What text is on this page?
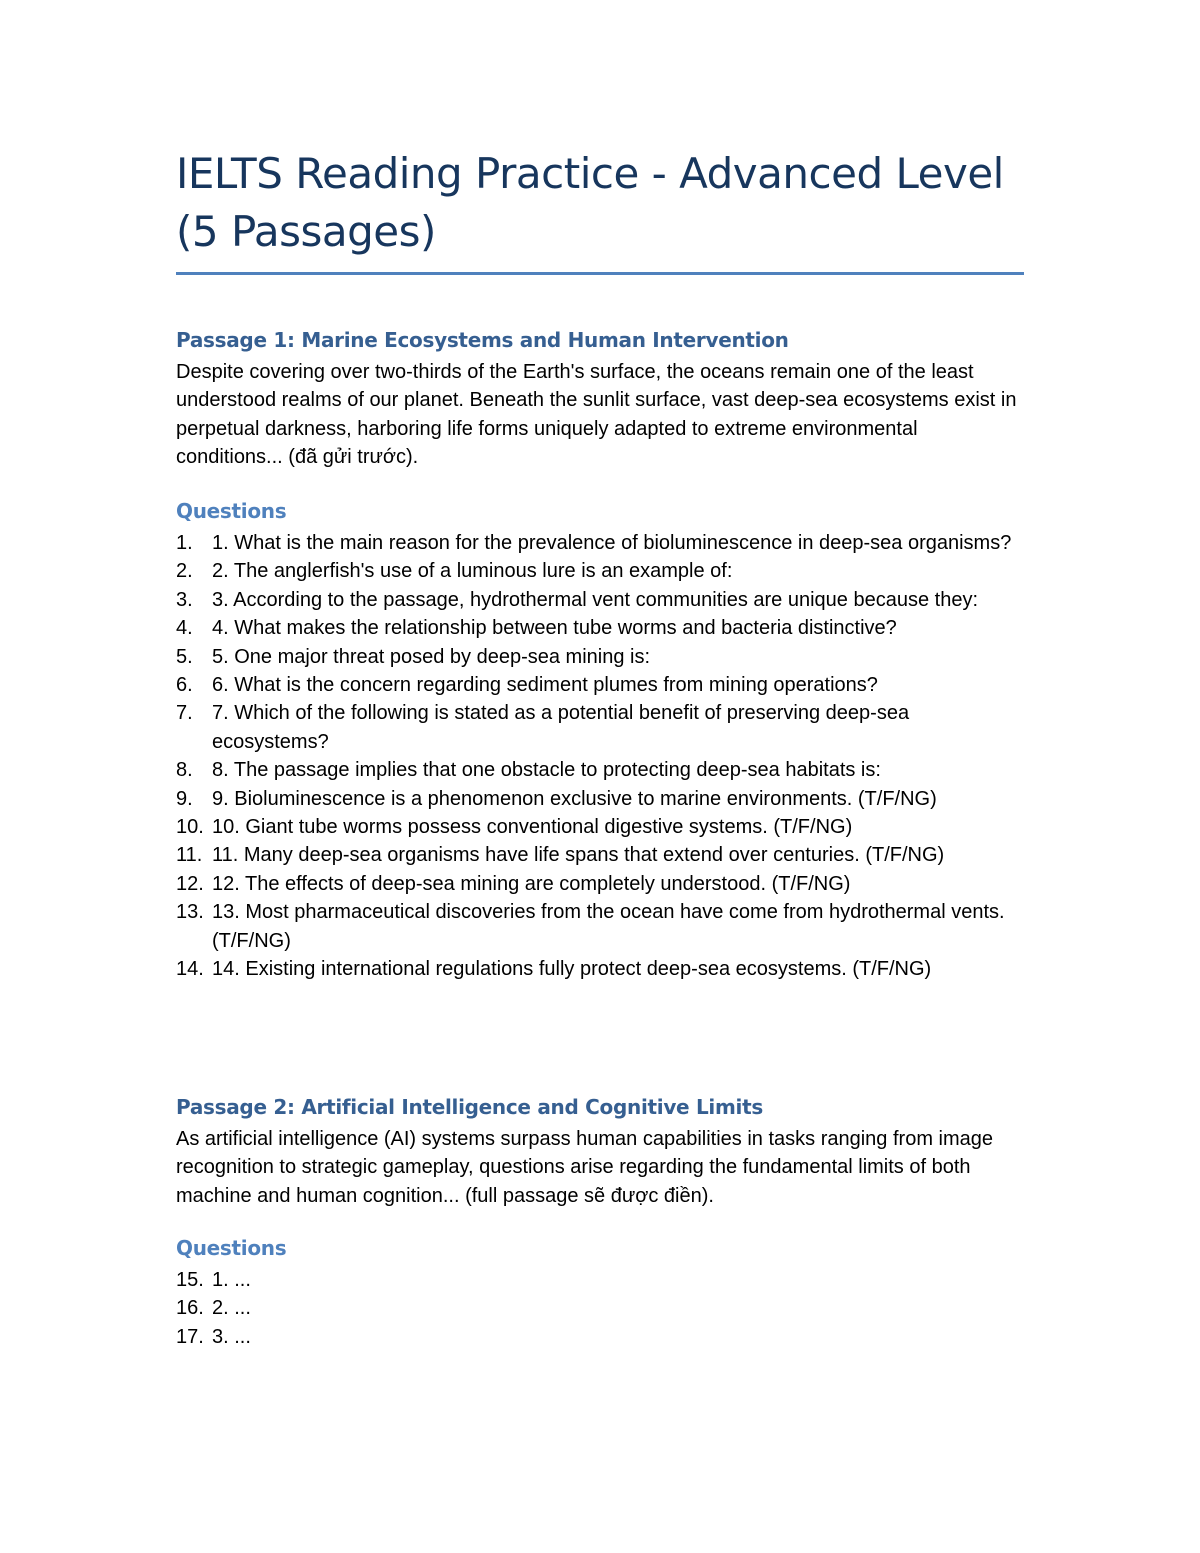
IELTS Reading Practice - Advanced Level (5 Passages)
Passage 1: Marine Ecosystems and Human Intervention

Despite covering over two-thirds of the Earth's surface, the oceans remain one of the least understood realms of our planet. Beneath the sunlit surface, vast deep-sea ecosystems exist in perpetual darkness, harboring life forms uniquely adapted to extreme environmental conditions... (đã gửi trước).

Questions
1. 1. What is the main reason for the prevalence of bioluminescence in deep-sea organisms?
2. 2. The anglerfish's use of a luminous lure is an example of:
3. 3. According to the passage, hydrothermal vent communities are unique because they:
4. 4. What makes the relationship between tube worms and bacteria distinctive?
5. 5. One major threat posed by deep-sea mining is:
6. 6. What is the concern regarding sediment plumes from mining operations?
7. 7. Which of the following is stated as a potential benefit of preserving deep-sea ecosystems?
8. 8. The passage implies that one obstacle to protecting deep-sea habitats is:
9. 9. Bioluminescence is a phenomenon exclusive to marine environments. (T/F/NG)
10. 10. Giant tube worms possess conventional digestive systems. (T/F/NG)
11. 11. Many deep-sea organisms have life spans that extend over centuries. (T/F/NG)
12. 12. The effects of deep-sea mining are completely understood. (T/F/NG)
13. 13. Most pharmaceutical discoveries from the ocean have come from hydrothermal vents. (T/F/NG)
14. 14. Existing international regulations fully protect deep-sea ecosystems. (T/F/NG)
Passage 2: Artificial Intelligence and Cognitive Limits

As artificial intelligence (AI) systems surpass human capabilities in tasks ranging from image recognition to strategic gameplay, questions arise regarding the fundamental limits of both machine and human cognition... (full passage sẽ được điền).

Questions
15. 1. ...
16. 2. ...
17. 3. ...
